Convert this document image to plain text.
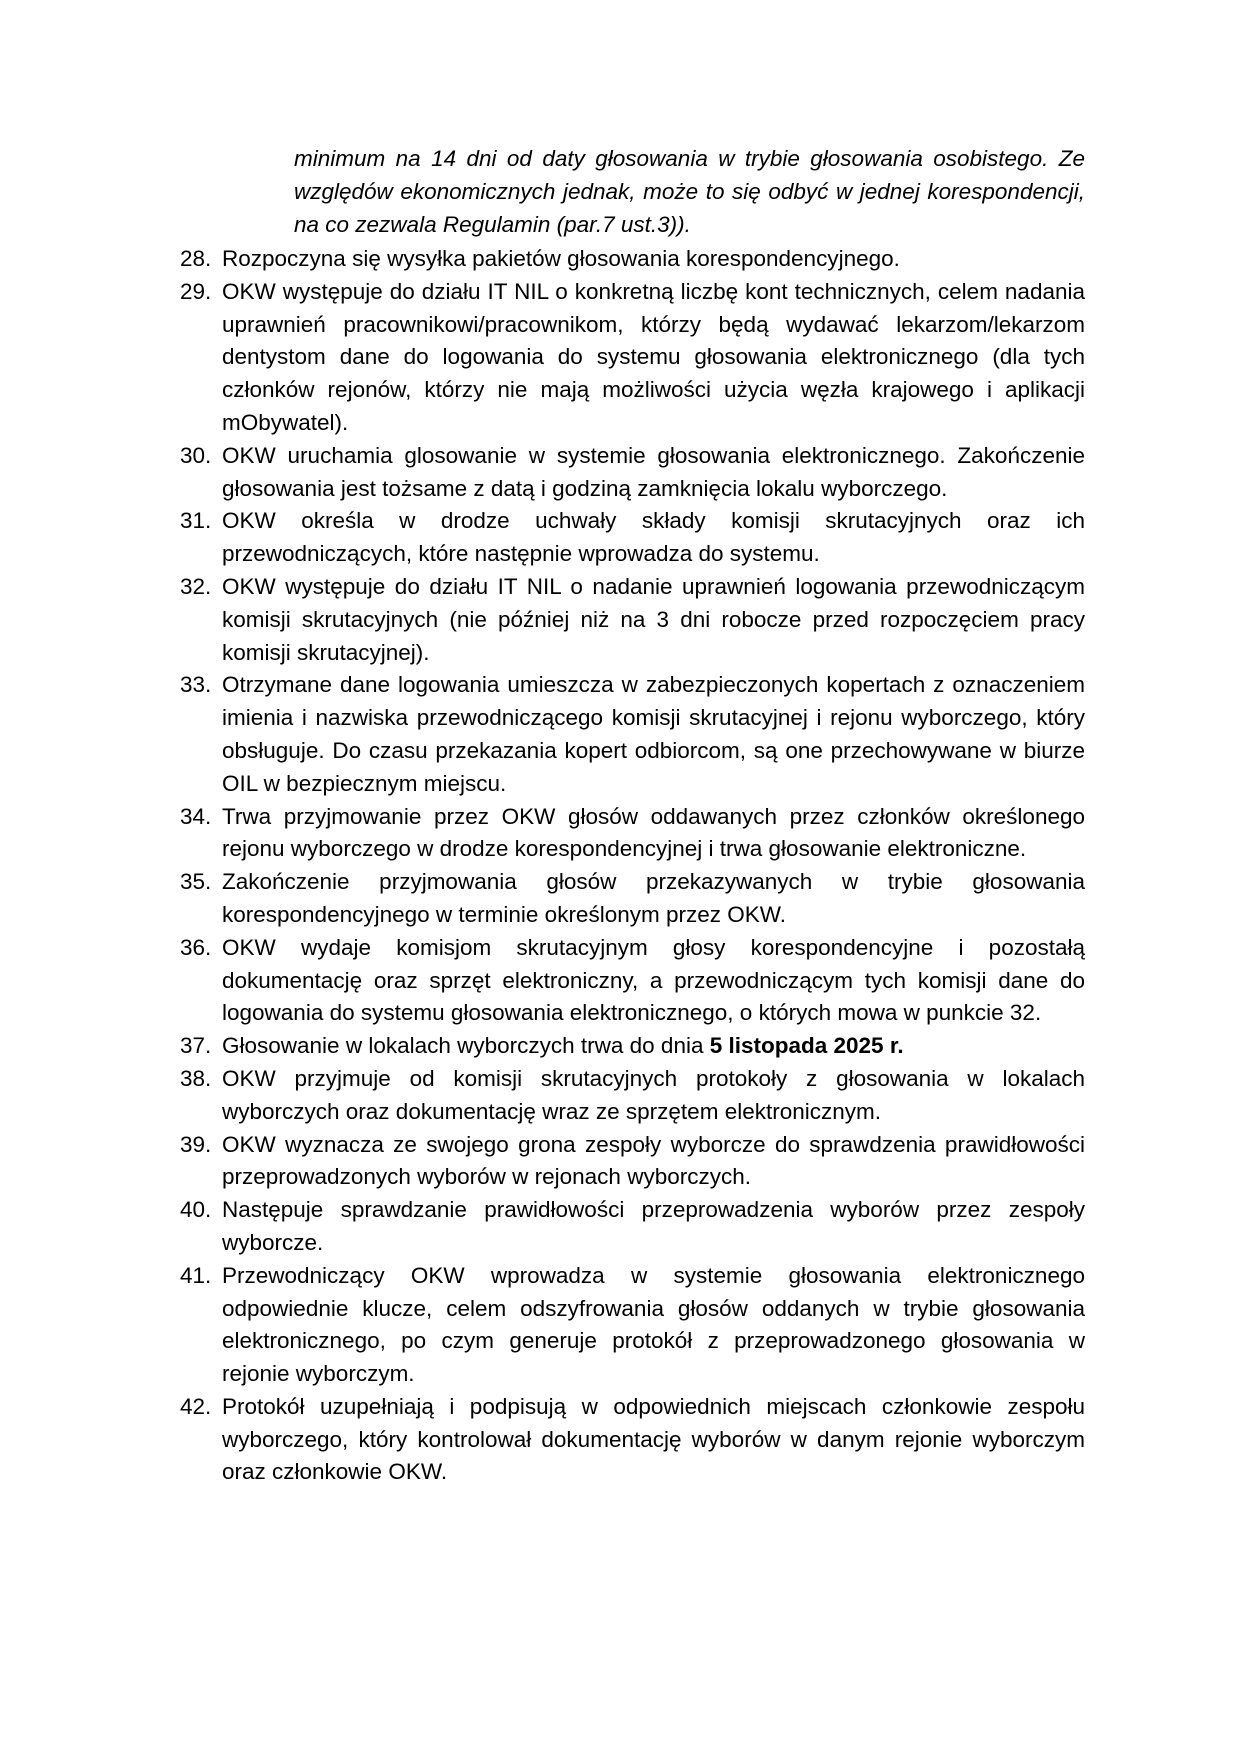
minimum na 14 dni od daty głosowania w trybie głosowania osobistego. Ze względów ekonomicznych jednak, może to się odbyć w jednej korespondencji, na co zezwala Regulamin (par.7 ust.3)).
28. Rozpoczyna się wysyłka pakietów głosowania korespondencyjnego.
29. OKW występuje do działu IT NIL o konkretną liczbę kont technicznych, celem nadania uprawnień pracownikowi/pracownikom, którzy będą wydawać lekarzom/lekarzom dentystom dane do logowania do systemu głosowania elektronicznego (dla tych członków rejonów, którzy nie mają możliwości użycia węzła krajowego i aplikacji mObywatel).
30. OKW uruchamia glosowanie w systemie głosowania elektronicznego. Zakończenie głosowania jest tożsame z datą i godziną zamknięcia lokalu wyborczego.
31. OKW określa w drodze uchwały składy komisji skrutacyjnych oraz ich przewodniczących, które następnie wprowadza do systemu.
32. OKW występuje do działu IT NIL o nadanie uprawnień logowania przewodniczącym komisji skrutacyjnych (nie później niż na 3 dni robocze przed rozpoczęciem pracy komisji skrutacyjnej).
33. Otrzymane dane logowania umieszcza w zabezpieczonych kopertach z oznaczeniem imienia i nazwiska przewodniczącego komisji skrutacyjnej i rejonu wyborczego, który obsługuje. Do czasu przekazania kopert odbiorcom, są one przechowywane w biurze OIL w bezpiecznym miejscu.
34. Trwa przyjmowanie przez OKW głosów oddawanych przez członków określonego rejonu wyborczego w drodze korespondencyjnej i trwa głosowanie elektroniczne.
35. Zakończenie przyjmowania głosów przekazywanych w trybie głosowania korespondencyjnego w terminie określonym przez OKW.
36. OKW wydaje komisjom skrutacyjnym głosy korespondencyjne i pozostałą dokumentację oraz sprzęt elektroniczny, a przewodniczącym tych komisji dane do logowania do systemu głosowania elektronicznego, o których mowa w punkcie 32.
37. Głosowanie w lokalach wyborczych trwa do dnia 5 listopada 2025 r.
38. OKW przyjmuje od komisji skrutacyjnych protokoły z głosowania w lokalach wyborczych oraz dokumentację wraz ze sprzętem elektronicznym.
39. OKW wyznacza ze swojego grona zespoły wyborcze do sprawdzenia prawidłowości przeprowadzonych wyborów w rejonach wyborczych.
40. Następuje sprawdzanie prawidłowości przeprowadzenia wyborów przez zespoły wyborcze.
41. Przewodniczący OKW wprowadza w systemie głosowania elektronicznego odpowiednie klucze, celem odszyfrowania głosów oddanych w trybie głosowania elektronicznego, po czym generuje protokół z przeprowadzonego głosowania w rejonie wyborczym.
42. Protokół uzupełniają i podpisują w odpowiednich miejscach członkowie zespołu wyborczego, który kontrolował dokumentację wyborów w danym rejonie wyborczym oraz członkowie OKW.
